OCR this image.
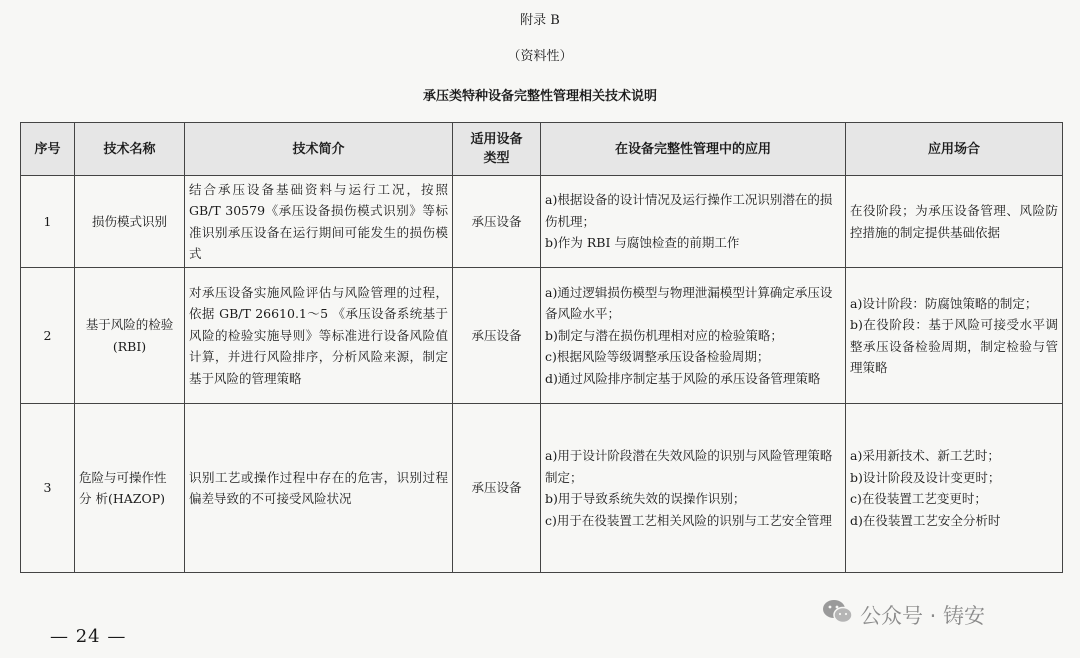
附录 B
（资料性）
承压类特种设备完整性管理相关技术说明
序号	技术名称	技术简介	适用设备类型	在设备完整性管理中的应用	应用场合
1	损伤模式识别	结合承压设备基础资料与运行工况，按照 GB/T 30579《承压设备损伤模式识别》等标准识别承压设备在运行期间可能发生的损伤模式	承压设备	a)根据设备的设计情况及运行操作工况识别潜在的损伤机理；
b)作为 RBI 与腐蚀检查的前期工作	在役阶段；为承压设备管理、风险防控措施的制定提供基础依据

2	基于风险的检验(RBI)	对承压设备实施风险评估与风险管理的过程，依据 GB/T 26610.1～5 《承压设备系统基于风险的检验实施导则》等标准进行设备风险值计算，并进行风险排序，分析风险来源，制定基于风险的管理策略	承压设备	a)通过逻辑损伤模型与物理泄漏模型计算确定承压设备风险水平；
b)制定与潜在损伤机理相对应的检验策略；
c)根据风险等级调整承压设备检验周期；
d)通过风险排序制定基于风险的承压设备管理策略	a)设计阶段：防腐蚀策略的制定；
b)在役阶段：基于风险可接受水平调整承压设备检验周期，制定检验与管理策略

3	危险与可操作性 分 析(HAZOP)	识别工艺或操作过程中存在的危害，识别过程偏差导致的不可接受风险状况	承压设备	a)用于设计阶段潜在失效风险的识别与风险管理策略制定；
b)用于导致系统失效的误操作识别；
c)用于在役装置工艺相关风险的识别与工艺安全管理	a)采用新技术、新工艺时；
b)设计阶段及设计变更时；
c)在役装置工艺变更时；
d)在役装置工艺安全分析时
— 24 —
公众号 · 铸安
